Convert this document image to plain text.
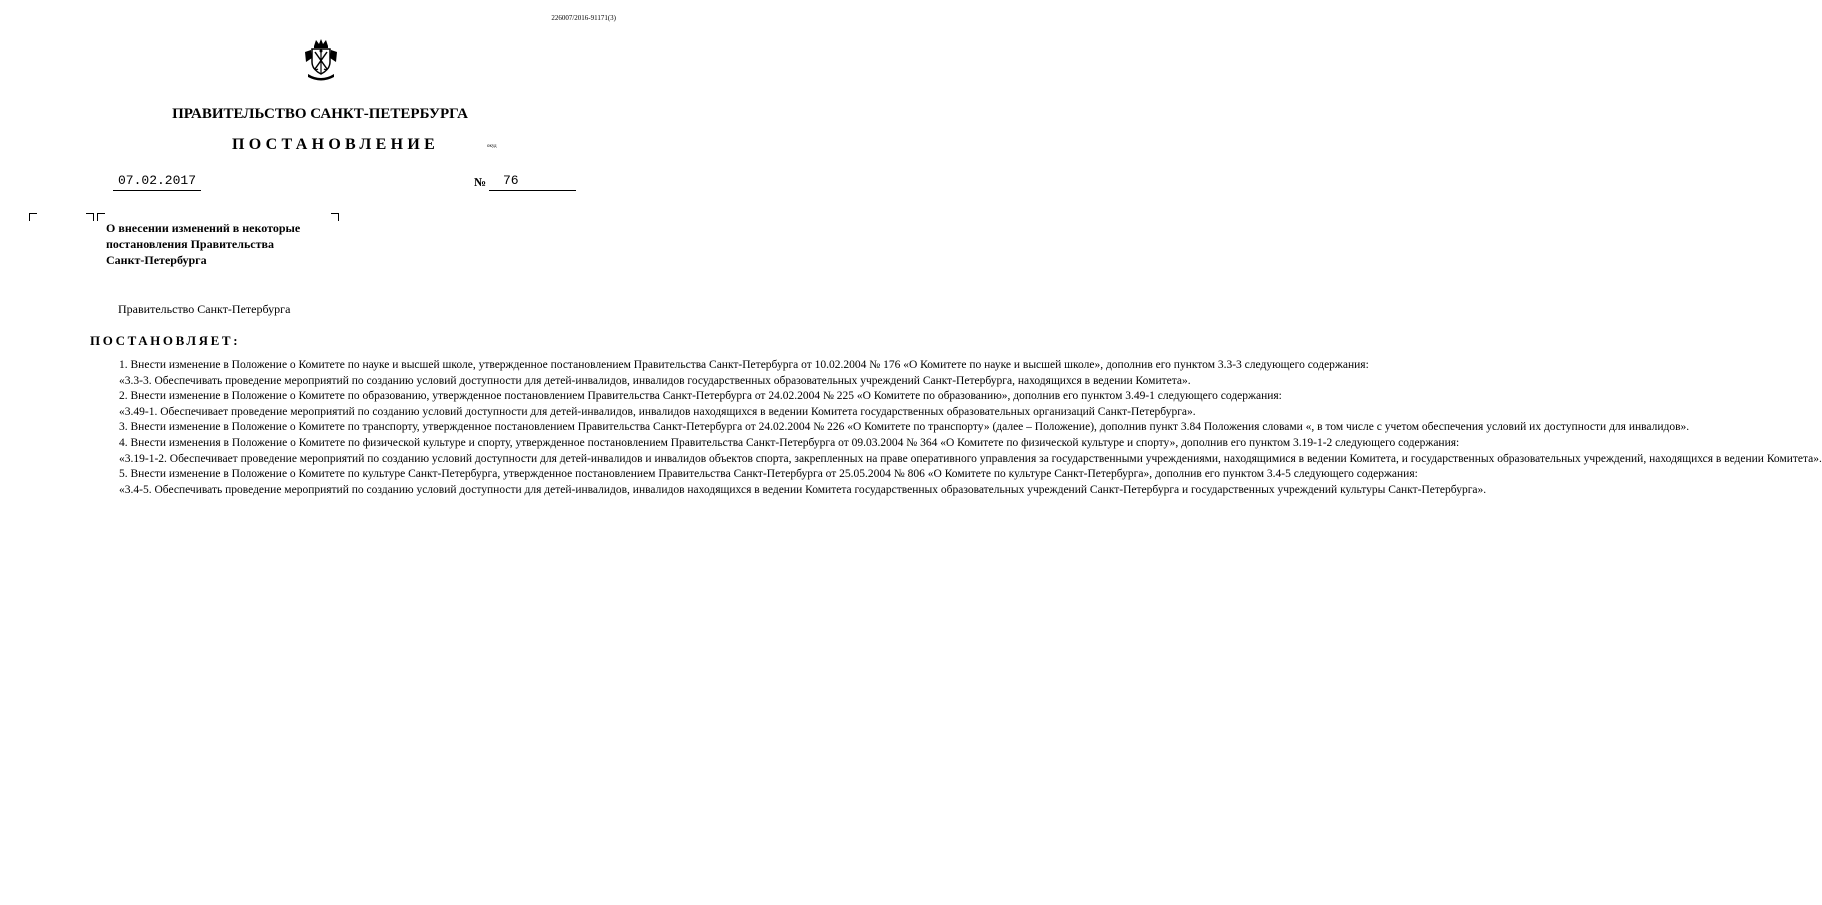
226007/2016-91171(3)
ПРАВИТЕЛЬСТВО САНКТ-ПЕТЕРБУРГА
ПОСТАНОВЛЕНИЕ	окуд
07.02.2017	№ 76
О внесении изменений в некоторые
постановления Правительства
Санкт-Петербурга
Правительство Санкт-Петербурга
ПОСТАНОВЛЯЕТ:

1. Внести изменение в Положение о Комитете по науке и высшей школе, утвержденное постановлением Правительства Санкт-Петербурга от 10.02.2004 № 176 «О Комитете по науке и высшей школе», дополнив его пунктом 3.3-3 следующего содержания:

«3.3-3. Обеспечивать проведение мероприятий по созданию условий доступности для детей-инвалидов, инвалидов государственных образовательных учреждений Санкт-Петербурга, находящихся в ведении Комитета».

2. Внести изменение в Положение о Комитете по образованию, утвержденное постановлением Правительства Санкт-Петербурга от 24.02.2004 № 225 «О Комитете по образованию», дополнив его пунктом 3.49-1 следующего содержания:

«3.49-1. Обеспечивает проведение мероприятий по созданию условий доступности для детей-инвалидов, инвалидов находящихся в ведении Комитета государственных образовательных организаций Санкт-Петербурга».

3. Внести изменение в Положение о Комитете по транспорту, утвержденное постановлением Правительства Санкт-Петербурга от 24.02.2004 № 226 «О Комитете по транспорту» (далее – Положение), дополнив пункт 3.84 Положения словами «, в том числе с учетом обеспечения условий их доступности для инвалидов».

4. Внести изменения в Положение о Комитете по физической культуре и спорту, утвержденное постановлением Правительства Санкт-Петербурга от 09.03.2004 № 364 «О Комитете по физической культуре и спорту», дополнив его пунктом 3.19-1-2 следующего содержания:

«3.19-1-2. Обеспечивает проведение мероприятий по созданию условий доступности для детей-инвалидов и инвалидов объектов спорта, закрепленных на праве оперативного управления за государственными учреждениями, находящимися в ведении Комитета, и государственных образовательных учреждений, находящихся в ведении Комитета».

5. Внести изменение в Положение о Комитете по культуре Санкт-Петербурга, утвержденное постановлением Правительства Санкт-Петербурга от 25.05.2004 № 806 «О Комитете по культуре Санкт-Петербурга», дополнив его пунктом 3.4-5 следующего содержания:

«3.4-5. Обеспечивать проведение мероприятий по созданию условий доступности для детей-инвалидов, инвалидов находящихся в ведении Комитета государственных образовательных учреждений Санкт-Петербурга и государственных учреждений культуры Санкт-Петербурга».
